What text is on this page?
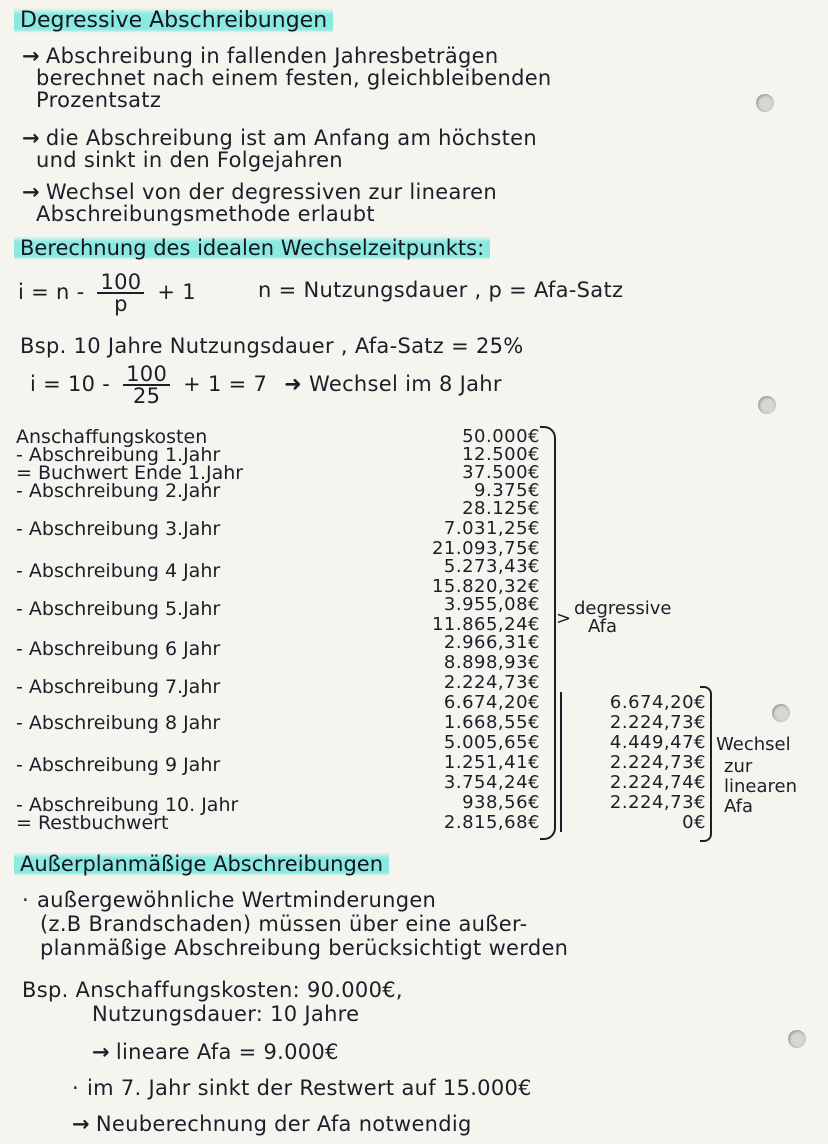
Degressive Abschreibungen
→ Abschreibung in fallenden Jahresbeträgen
berechnet nach einem festen, gleichbleibenden
Prozentsatz
→ die Abschreibung ist am Anfang am höchsten
und sinkt in den Folgejahren
→ Wechsel von der degressiven zur linearen
Abschreibungsmethode erlaubt
Berechnung des idealen Wechselzeitpunkts:
$i = n - \frac{100}{p} + 1$	n = Nutzungsdauer , p = Afa-Satz
Bsp. 10 Jahre Nutzungsdauer , Afa-Satz = 25%
$i = 10 - \frac{100}{25} + 1 = 7$ ➜ Wechsel im 8 Jahr
Anschaffungskosten
- Abschreibung 1.Jahr
= Buchwert Ende 1.Jahr
- Abschreibung 2.Jahr
- Abschreibung 3.Jahr
- Abschreibung 4 Jahr
- Abschreibung 5.Jahr
- Abschreibung 6 Jahr
- Abschreibung 7.Jahr
- Abschreibung 8 Jahr
- Abschreibung 9 Jahr
- Abschreibung 10. Jahr
= Restbuchwert
50.000€
12.500€
37.500€
9.375€
28.125€
7.031,25€
21.093,75€
5.273,43€
15.820,32€
3.955,08€
11.865,24€
2.966,31€
8.898,93€
2.224,73€
6.674,20€
1.668,55€
5.005,65€
1.251,41€
3.754,24€
938,56€
2.815,68€
6.674,20€
2.224,73€
4.449,47€
2.224,73€
2.224,74€
2.224,73€
0€
> degressive
Afa
Wechsel
zur
linearen
Afa
Außerplanmäßige Abschreibungen
· außergewöhnliche Wertminderungen
(z.B Brandschaden) müssen über eine außer-
planmäßige Abschreibung berücksichtigt werden
Bsp. Anschaffungskosten: 90.000€,
Nutzungsdauer: 10 Jahre
→ lineare Afa = 9.000€
· im 7. Jahr sinkt der Restwert auf 15.000€
→ Neuberechnung der Afa notwendig
